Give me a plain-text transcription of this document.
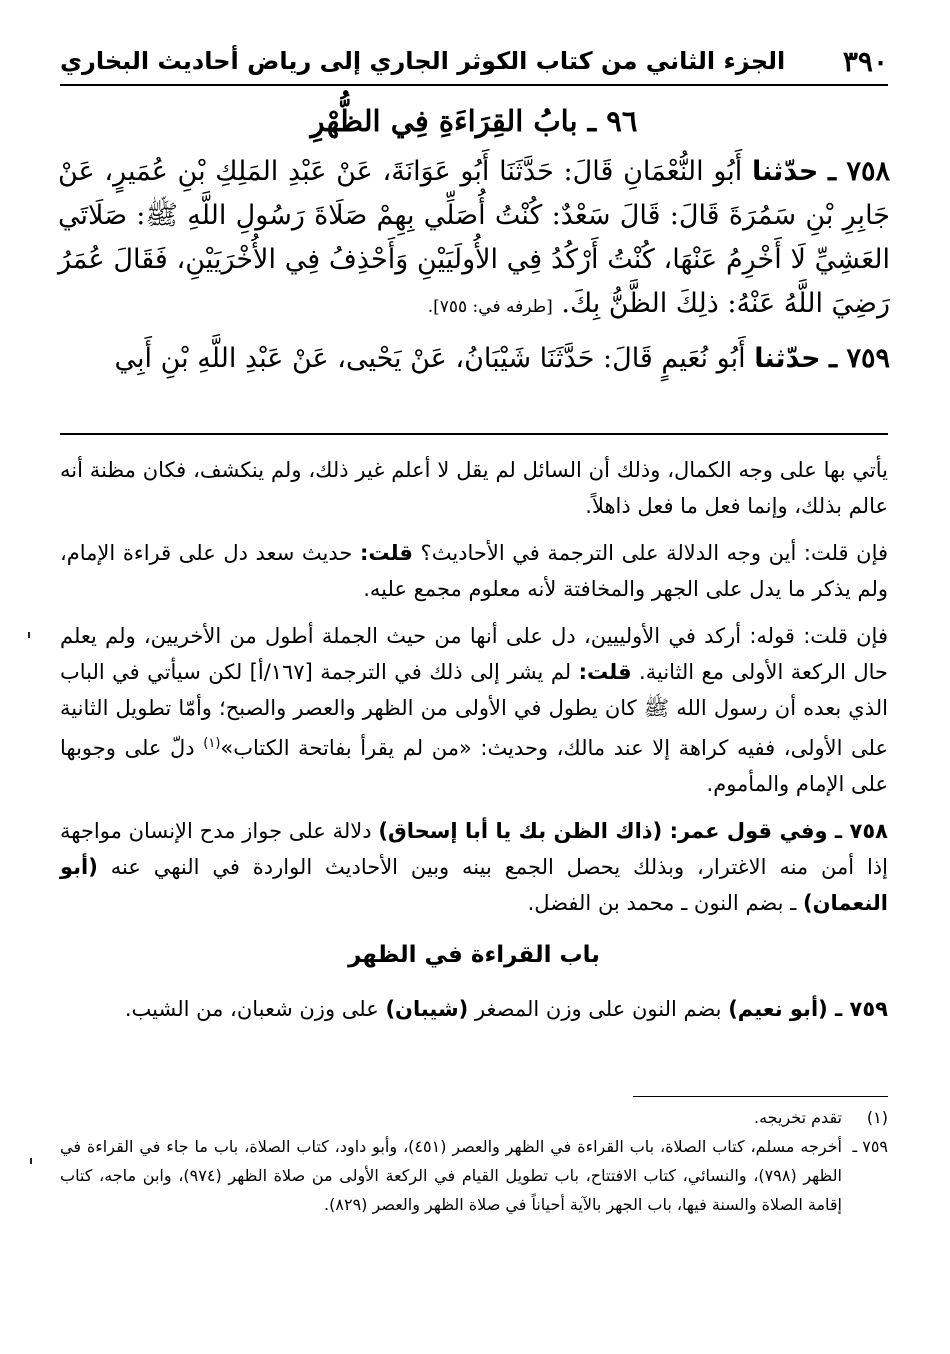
٣٩٠
الجزء الثاني من كتاب الكوثر الجاري إلى رياض أحاديث البخاري
٩٦ ـ بابُ القِرَاءَةِ فِي الظُّهْرِ

٧٥٨ ـ حدّثنا أَبُو النُّعْمَانِ قَالَ: حَدَّثَنَا أَبُو عَوَانَةَ، عَنْ عَبْدِ المَلِكِ بْنِ عُمَيرٍ، عَنْ جَابِرِ بْنِ سَمُرَةَ قَالَ: قَالَ سَعْدٌ: كُنْتُ أُصَلِّي بِهِمْ صَلَاةَ رَسُولِ اللَّهِ ﷺ: صَلَاتَي العَشِيِّ لَا أَخْرِمُ عَنْهَا، كُنْتُ أَرْكُدُ فِي الأُولَيَيْنِ وَأَحْذِفُ فِي الأُخْرَيَيْنِ، فَقَالَ عُمَرُ رَضِيَ اللَّهُ عَنْهُ: ذلِكَ الظَّنُّ بِكَ. [طرفه في: ٧٥٥].

٧٥٩ ـ حدّثنا أَبُو نُعَيمٍ قَالَ: حَدَّثَنَا شَيْبَانُ، عَنْ يَحْيى، عَنْ عَبْدِ اللَّهِ بْنِ أَبِي

يأتي بها على وجه الكمال، وذلك أن السائل لم يقل لا أعلم غير ذلك، ولم ينكشف، فكان مظنة أنه عالم بذلك، وإنما فعل ما فعل ذاهلاً.

فإن قلت: أين وجه الدلالة على الترجمة في الأحاديث؟ قلت: حديث سعد دل على قراءة الإمام، ولم يذكر ما يدل على الجهر والمخافتة لأنه معلوم مجمع عليه.

فإن قلت: قوله: أركد في الأولييين، دل على أنها من حيث الجملة أطول من الأخريين، ولم يعلم حال الركعة الأولى مع الثانية. قلت: لم يشر إلى ذلك في الترجمة [١٦٧/أ] لكن سيأتي في الباب الذي بعده أن رسول الله ﷺ كان يطول في الأولى من الظهر والعصر والصبح؛ وأمّا تطويل الثانية على الأولى، ففيه كراهة إلا عند مالك، وحديث: «من لم يقرأ بفاتحة الكتاب»$^{(١)}$ دلّ على وجوبها على الإمام والمأموم.

٧٥٨ ـ وفي قول عمر: (ذاك الظن بك يا أبا إسحاق) دلالة على جواز مدح الإنسان مواجهة إذا أمن منه الاغترار، وبذلك يحصل الجمع بينه وبين الأحاديث الواردة في النهي عنه (أبو النعمان) ـ بضم النون ـ محمد بن الفضل.

باب القراءة في الظهر

٧٥٩ ـ (أبو نعيم) بضم النون على وزن المصغر (شيبان) على وزن شعبان، من الشيب.

(١)
تقدم تخريجه.
٧٥٩ ـ
أخرجه مسلم، كتاب الصلاة، باب القراءة في الظهر والعصر (٤٥١)، وأبو داود، كتاب الصلاة، باب ما جاء في القراءة في الظهر (٧٩٨)، والنسائي، كتاب الافتتاح، باب تطويل القيام في الركعة الأولى من صلاة الظهر (٩٧٤)، وابن ماجه، كتاب إقامة الصلاة والسنة فيها، باب الجهر بالآية أحياناً في صلاة الظهر والعصر (٨٢٩).
